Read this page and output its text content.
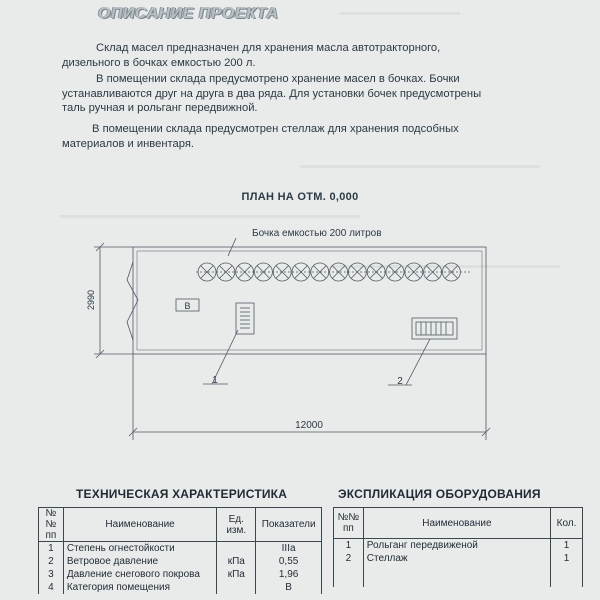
ОПИСАНИЕ ПРОЕКТА
Склад масел предназначен для хранения масла автотракторного,
дизельного в бочках емкостью 200 л.
В помещении склада предусмотрено хранение масел в бочках. Бочки
устанавливаются друг на друга в два ряда. Для установки бочек предусмотрены
таль ручная и рольганг передвижной.
В помещении склада предусмотрен стеллаж для хранения подсобных
материалов и инвентаря.
ПЛАН НА ОТМ. 0,000
В
1	2
Бочка емкостью 200 литров
2990
12000
ТЕХНИЧЕСКАЯ ХАРАКТЕРИСТИКА	ЭКСПЛИКАЦИЯ ОБОРУДОВАНИЯ
№№ пп	Наименование	Ед. изм.	Показатели
1	Степень огнестойкости		IIIa
2	Ветровое давление	кПа	0,55
3	Давление снегового покрова	кПа	1,96
4	Категория помещения		В
№№ пп	Наименование	Кол.
1	Рольганг передвиженой	1
2	Стеллаж	1
